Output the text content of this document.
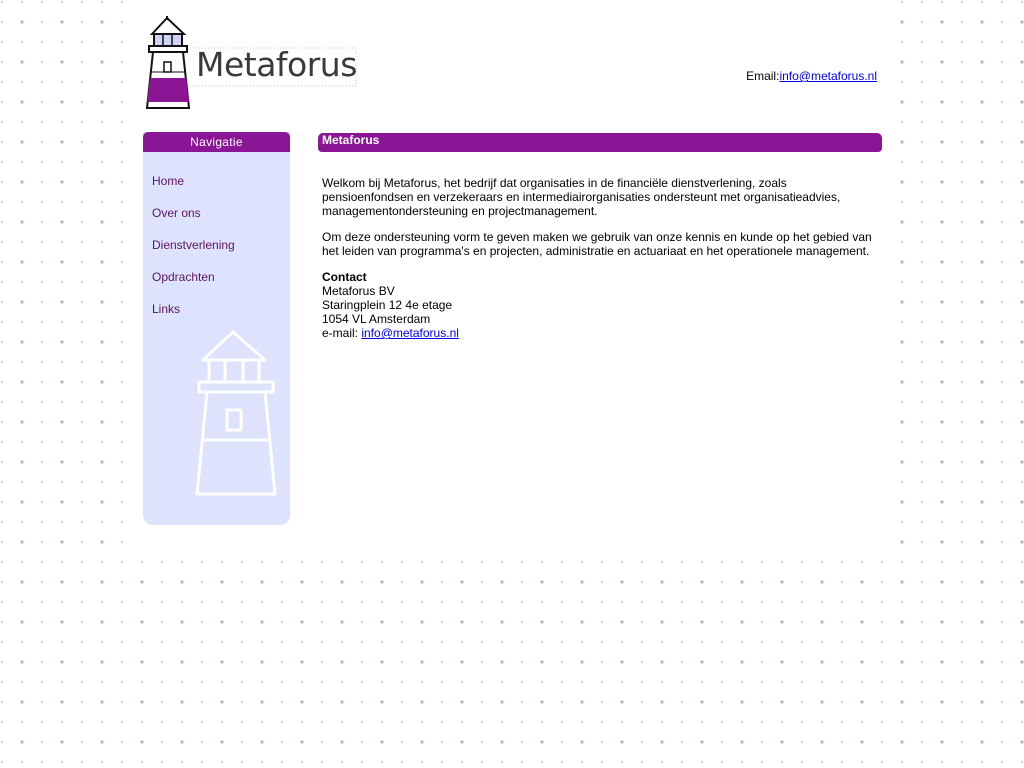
Metaforus	Email:info@metaforus.nl
Navigatie
Home
Over ons
Dienstverlening
Opdrachten
Links
Metaforus

Welkom bij Metaforus, het bedrijf dat organisaties in de financiële dienstverlening, zoals pensioenfondsen en verzekeraars en intermediairorganisaties ondersteunt met organisatieadvies, managementondersteuning en projectmanagement.

Om deze ondersteuning vorm te geven maken we gebruik van onze kennis en kunde op het gebied van het leiden van programma's en projecten, administratie en actuariaat en het operationele management.

Contact
Metaforus BV
Staringplein 12 4e etage
1054 VL Amsterdam
e-mail: info@metaforus.nl
